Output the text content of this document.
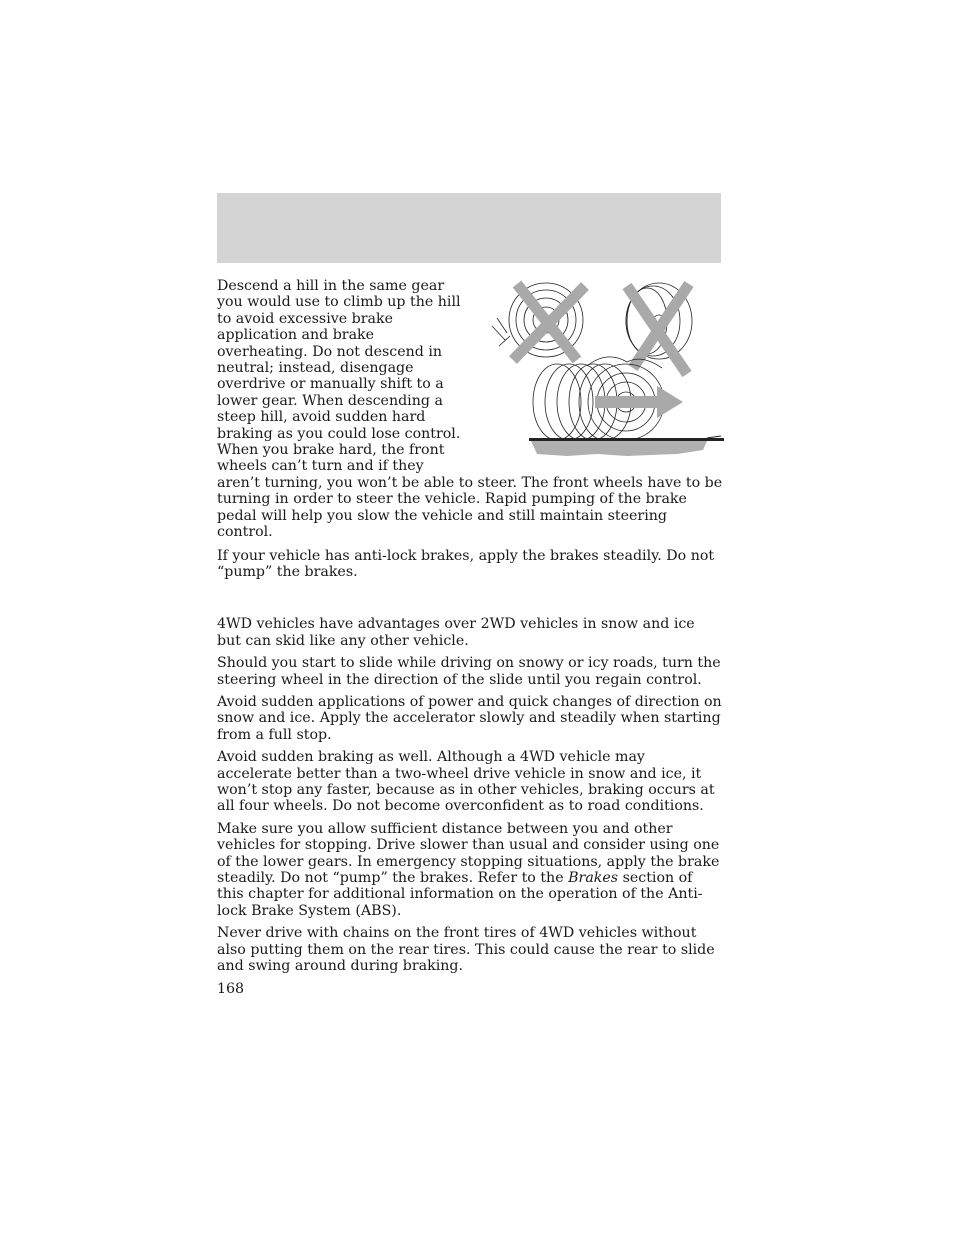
Descend a hill in the same gear you would use to climb up the hill to avoid excessive brake application and brake overheating. Do not descend in neutral; instead, disengage overdrive or manually shift to a lower gear. When descending a steep hill, avoid sudden hard braking as you could lose control. When you brake hard, the front wheels can’t turn and if they aren’t turning, you won’t be able to steer. The front wheels have to be turning in order to steer the vehicle. Rapid pumping of the brake pedal will help you slow the vehicle and still maintain steering control.

If your vehicle has anti-lock brakes, apply the brakes steadily. Do not “pump” the brakes.

4WD vehicles have advantages over 2WD vehicles in snow and ice but can skid like any other vehicle.

Should you start to slide while driving on snowy or icy roads, turn the steering wheel in the direction of the slide until you regain control.

Avoid sudden applications of power and quick changes of direction on snow and ice. Apply the accelerator slowly and steadily when starting from a full stop.

Avoid sudden braking as well. Although a 4WD vehicle may accelerate better than a two-wheel drive vehicle in snow and ice, it won’t stop any faster, because as in other vehicles, braking occurs at all four wheels. Do not become overconfident as to road conditions.

Make sure you allow sufficient distance between you and other vehicles for stopping. Drive slower than usual and consider using one of the lower gears. In emergency stopping situations, apply the brake steadily. Do not “pump” the brakes. Refer to the Brakes section of this chapter for additional information on the operation of the Anti-lock Brake System (ABS).

Never drive with chains on the front tires of 4WD vehicles without also putting them on the rear tires. This could cause the rear to slide and swing around during braking.

168
